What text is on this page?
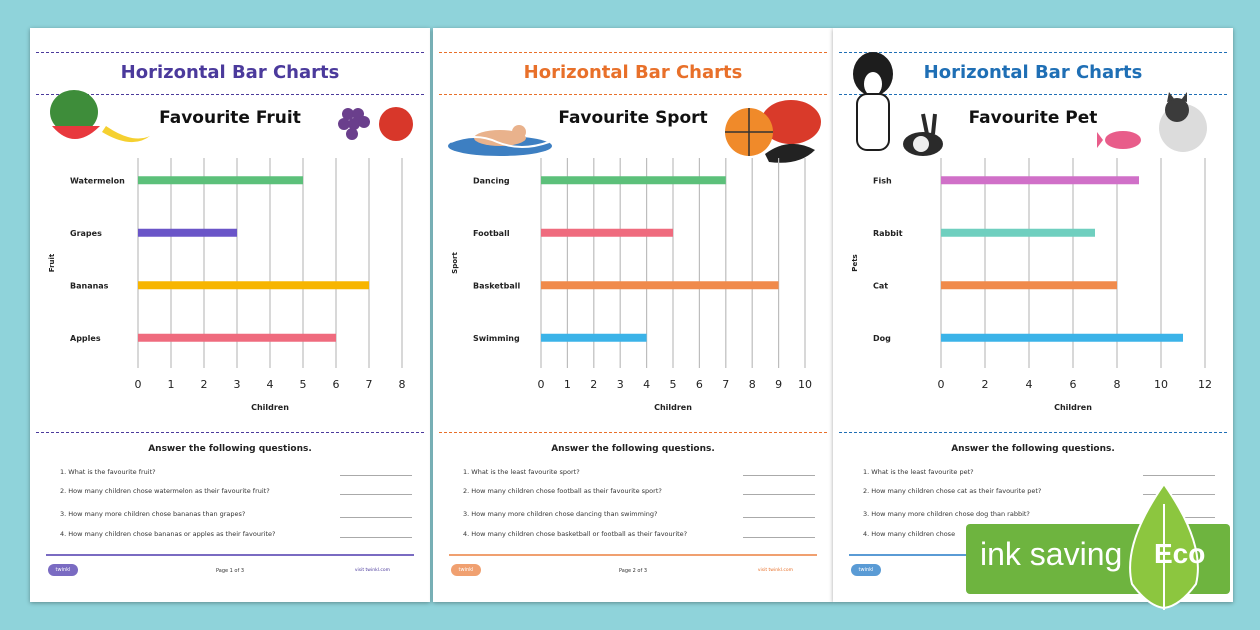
Horizontal Bar Charts
Favourite Fruit
0 1 2 3 4 5 6 7 8
Watermelon
Grapes
Bananas
Apples
Children
Fruit
Answer the following questions.
1. What is the favourite fruit?
2. How many children chose watermelon as their favourite fruit?
3. How many more children chose bananas than grapes?
4. How many children chose bananas or apples as their favourite?
twinkl	Page 1 of 3	visit twinkl.com
Horizontal Bar Charts
Favourite Sport
0 1 2 3 4 5 6 7 8 9 10
Dancing
Football
Basketball
Swimming
Children
Sport
Answer the following questions.
1. What is the least favourite sport?
2. How many children chose football as their favourite sport?
3. How many more children chose dancing than swimming?
4. How many children chose basketball or football as their favourite?
twinkl	Page 2 of 3	visit twinkl.com
Horizontal Bar Charts
Favourite Pet
0	2	4	6	8	10	12
Fish
Rabbit
Cat
Dog
Children
Pets
Answer the following questions.
1. What is the least favourite pet?
2. How many children chose cat as their favourite pet?
3. How many more children chose dog than rabbit?
4. How many children chose
twinkl	ink saving Eco
